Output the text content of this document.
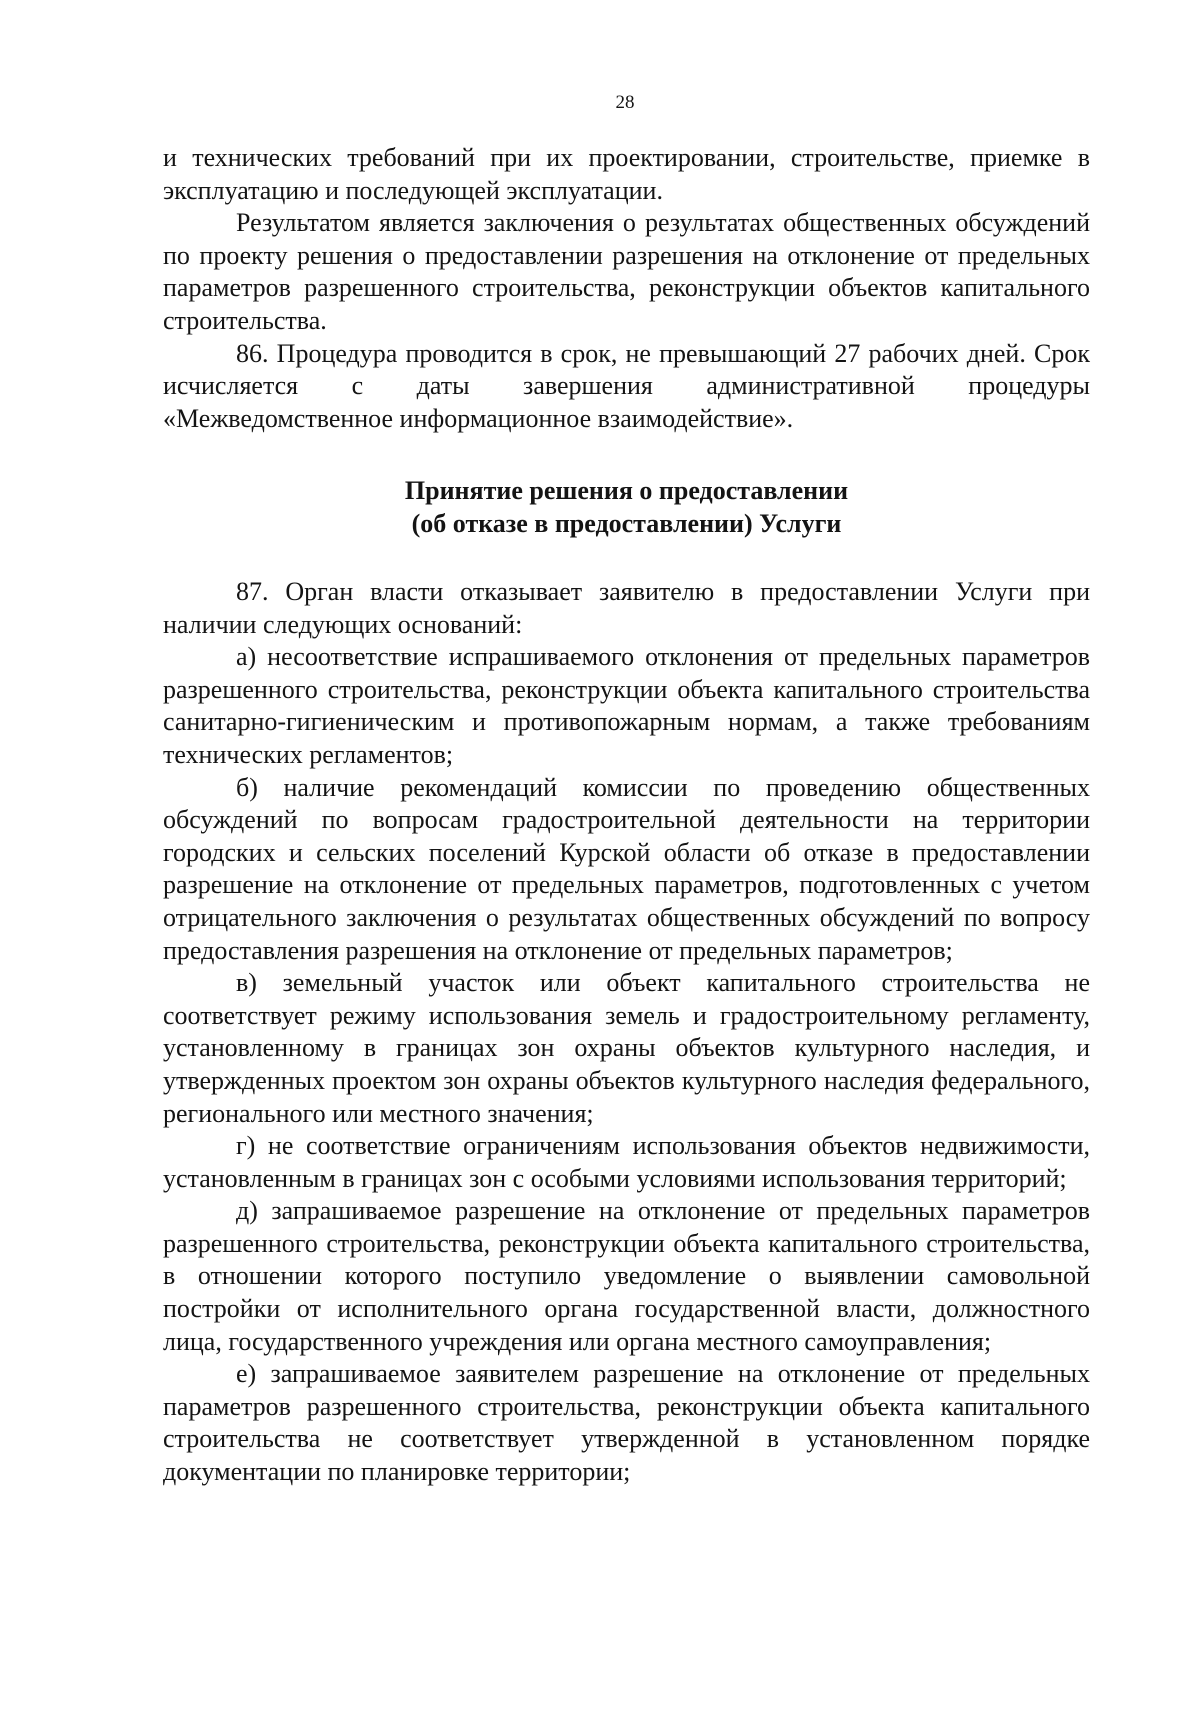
28

и технических требований при их проектировании, строительстве, приемке в эксплуатацию и последующей эксплуатации.

Результатом является заключения о результатах общественных обсуждений по проекту решения о предоставлении разрешения на отклонение от предельных параметров разрешенного строительства, реконструкции объектов капитального строительства.

86. Процедура проводится в срок, не превышающий 27 рабочих дней. Срок исчисляется с даты завершения административной процедуры «Межведомственное информационное взаимодействие».

Принятие решения о предоставлении
(об отказе в предоставлении) Услуги

87. Орган власти отказывает заявителю в предоставлении Услуги при наличии следующих оснований:

а) несоответствие испрашиваемого отклонения от предельных параметров разрешенного строительства, реконструкции объекта капитального строительства санитарно-гигиеническим и противопожарным нормам, а также требованиям технических регламентов;

б) наличие рекомендаций комиссии по проведению общественных обсуждений по вопросам градостроительной деятельности на территории городских и сельских поселений Курской области об отказе в предоставлении разрешение на отклонение от предельных параметров, подготовленных с учетом отрицательного заключения о результатах общественных обсуждений по вопросу предоставления разрешения на отклонение от предельных параметров;

в) земельный участок или объект капитального строительства не соответствует режиму использования земель и градостроительному регламенту, установленному в границах зон охраны объектов культурного наследия, и утвержденных проектом зон охраны объектов культурного наследия федерального, регионального или местного значения;

г) не соответствие ограничениям использования объектов недвижимости, установленным в границах зон с особыми условиями использования территорий;

д) запрашиваемое разрешение на отклонение от предельных параметров разрешенного строительства, реконструкции объекта капитального строительства, в отношении которого поступило уведомление о выявлении самовольной постройки от исполнительного органа государственной власти, должностного лица, государственного учреждения или органа местного самоуправления;

е) запрашиваемое заявителем разрешение на отклонение от предельных параметров разрешенного строительства, реконструкции объекта капитального строительства не соответствует утвержденной в установленном порядке документации по планировке территории;
